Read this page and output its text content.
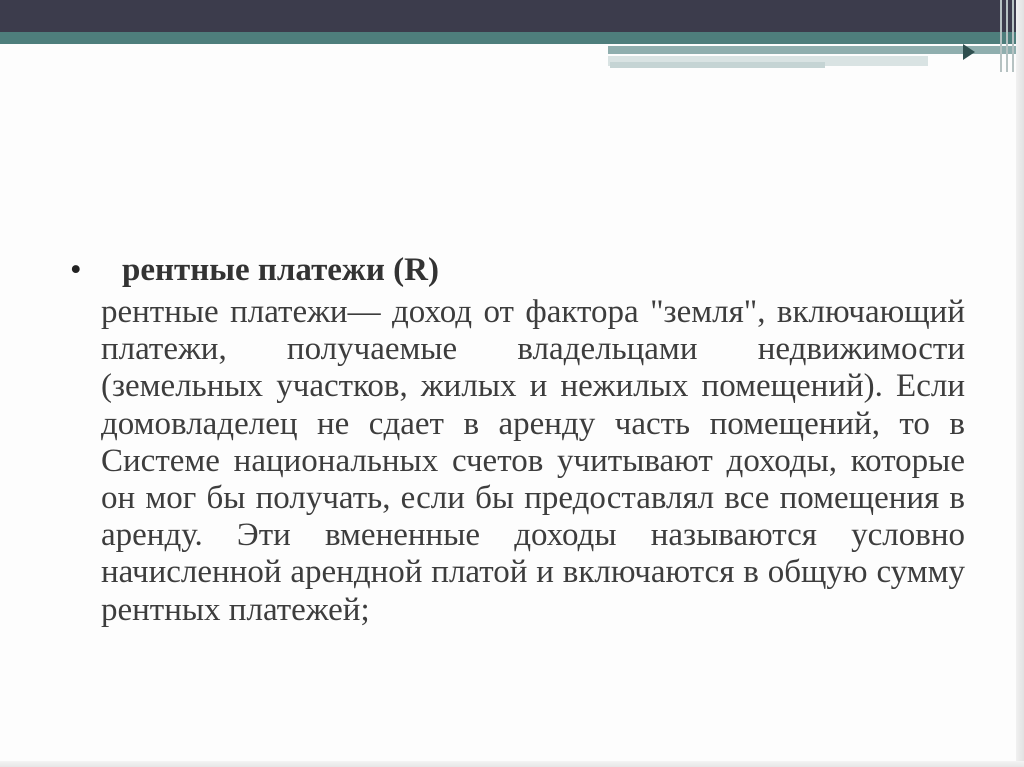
•	рентные платежи (R)
рентные платежи— доход от фактора "земля", включающий платежи, получаемые владельцами недвижимости (земельных участков, жилых и нежилых помещений). Если домовладелец не сдает в аренду часть помещений, то в Системе национальных счетов учитывают доходы, которые он мог бы получать, если бы предоставлял все помещения в аренду. Эти вмененные доходы называются условно начисленной арендной платой и включаются в общую сумму рентных платежей;
